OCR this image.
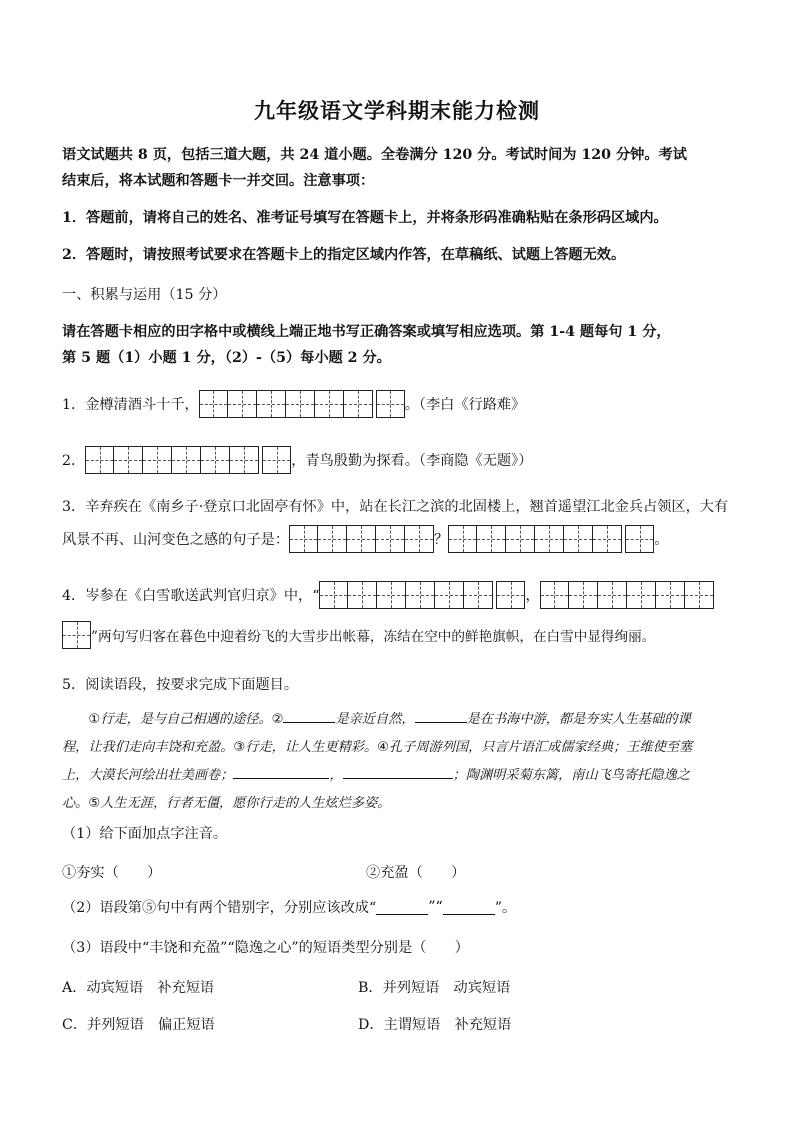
九年级语文学科期末能力检测
语文试题共 8 页，包括三道大题，共 24 道小题。全卷满分 120 分。考试时间为 120 分钟。考试
结束后，将本试题和答题卡一并交回。注意事项：
1．答题前，请将自己的姓名、准考证号填写在答题卡上，并将条形码准确粘贴在条形码区域内。
2．答题时，请按照考试要求在答题卡上的指定区域内作答，在草稿纸、试题上答题无效。
一、积累与运用（15 分）
请在答题卡相应的田字格中或横线上端正地书写正确答案或填写相应选项。第 1-4 题每句 1 分，
第 5 题（1）小题 1 分，（2）-（5）每小题 2 分。
1．金樽清酒斗十千，	。（李白《行路难》
2．	，青鸟殷勤为探看。（李商隐《无题》）
3．辛弃疾在《南乡子·登京口北固亭有怀》中，站在长江之滨的北固楼上，翘首遥望江北金兵占领区，大有
风景不再、山河变色之感的句子是：	？	。
4．岑参在《白雪歌送武判官归京》中，“	，
”两句写归客在暮色中迎着纷飞的大雪步出帐幕，冻结在空中的鲜艳旗帜，在白雪中显得绚丽。
5．阅读语段，按要求完成下面题目。
①行走，是与自己相遇的途径。②	是亲近自然，	是在书海中游，都是夯实人生基础的课
程，让我们走向丰饶和充盈。③行走，让人生更精彩。④孔子周游列国，只言片语汇成儒家经典；王维使至塞
上，大漠长河绘出壮美画卷；	，	；陶渊明采菊东篱，南山飞鸟寄托隐逸之
心。⑤人生无涯，行者无僵，愿你行走的人生炫烂多姿。
（1）给下面加点字注音。
①夯实（　　）	②充盈（　　）
（2）语段第⑤句中有两个错别字，分别应该改成“	”“	”。
（3）语段中“丰饶和充盈”“隐逸之心”的短语类型分别是（　　）
A．动宾短语　补充短语	B．并列短语　动宾短语
C．并列短语　偏正短语	D．主谓短语　补充短语
